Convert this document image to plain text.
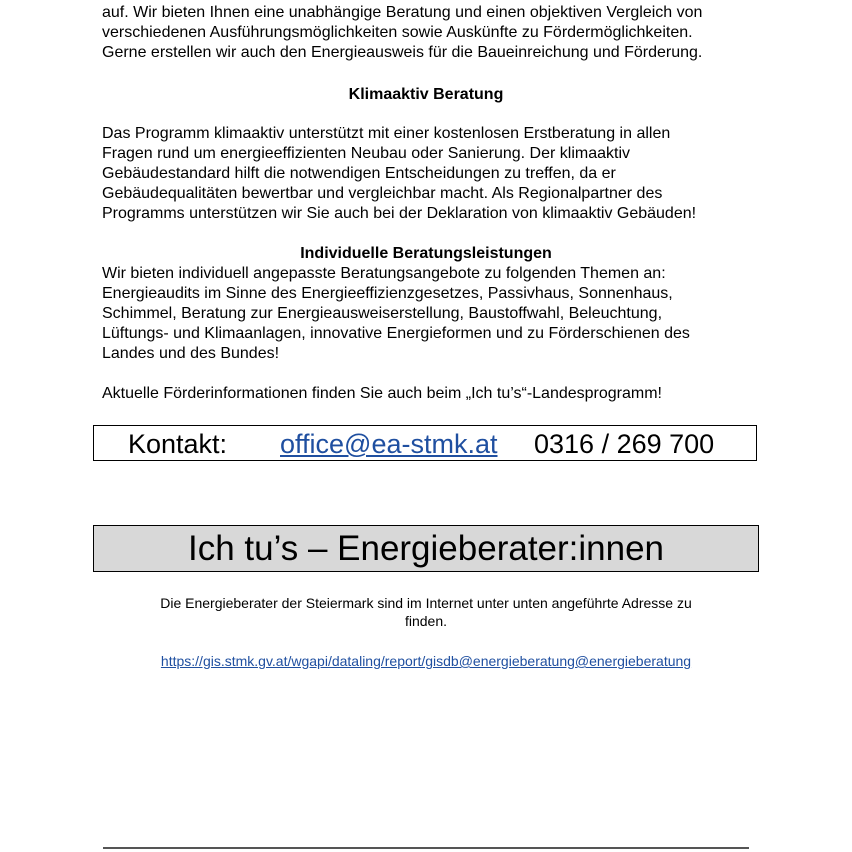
auf. Wir bieten Ihnen eine unabhängige Beratung und einen objektiven Vergleich von
verschiedenen Ausführungsmöglichkeiten sowie Auskünfte zu Fördermöglichkeiten.
Gerne erstellen wir auch den Energieausweis für die Baueinreichung und Förderung.

Klimaaktiv Beratung

Das Programm klimaaktiv unterstützt mit einer kostenlosen Erstberatung in allen
Fragen rund um energieeffizienten Neubau oder Sanierung. Der klimaaktiv
Gebäudestandard hilft die notwendigen Entscheidungen zu treffen, da er
Gebäudequalitäten bewertbar und vergleichbar macht. Als Regionalpartner des
Programms unterstützen wir Sie auch bei der Deklaration von klimaaktiv Gebäuden!

Individuelle Beratungsleistungen

Wir bieten individuell angepasste Beratungsangebote zu folgenden Themen an:
Energieaudits im Sinne des Energieeffizienzgesetzes, Passivhaus, Sonnenhaus,
Schimmel, Beratung zur Energieausweiserstellung, Baustoffwahl, Beleuchtung,
Lüftungs- und Klimaanlagen, innovative Energieformen und zu Förderschienen des
Landes und des Bundes!
Aktuelle Förderinformationen finden Sie auch beim „Ich tu’s“-Landesprogramm!
Kontakt: office@ea-stmk.at 0316 / 269 700
Ich tu’s – Energieberater:innen

Die Energieberater der Steiermark sind im Internet unter unten angeführte Adresse zu
finden.

https://gis.stmk.gv.at/wgapi/dataling/report/gisdb@energieberatung@energieberatung
